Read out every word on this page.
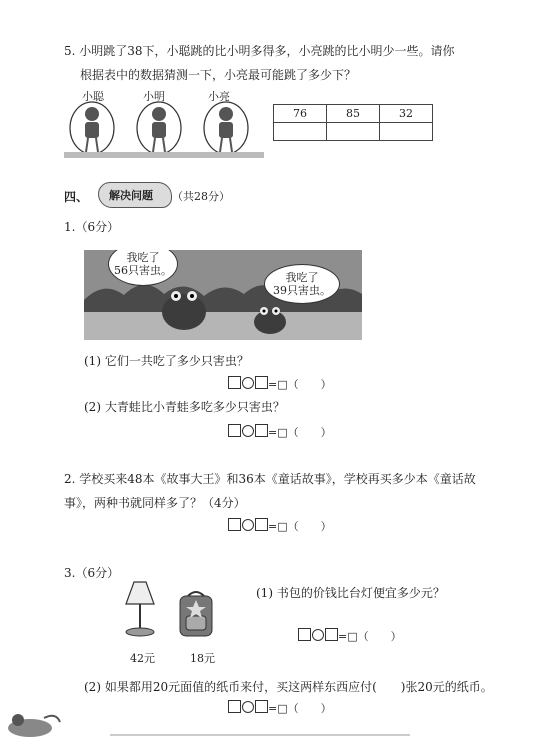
5. 小明跳了38下，小聪跳的比小明多得多，小亮跳的比小明少一些。请你
根据表中的数据猜测一下，小亮最可能跳了多少下？
小聪	小明	小亮
76	85	32

四、 解决问题 （共28分）
1.（6分）
我吃了
56只害虫。
我吃了
39只害虫。
(1) 它们一共吃了多少只害虫？
=□（　　）
(2) 大青蛙比小青蛙多吃多少只害虫？
=□（　　）
2. 学校买来48本《故事大王》和36本《童话故事》，学校再买多少本《童话故
事》，两种书就同样多了？（4分）
=□（　　）
3.（6分）
42元	18元
(1) 书包的价钱比台灯便宜多少元？
=□（　　）
(2) 如果都用20元面值的纸币来付，买这两样东西应付(　　)张20元的纸币。
=□（　　）
